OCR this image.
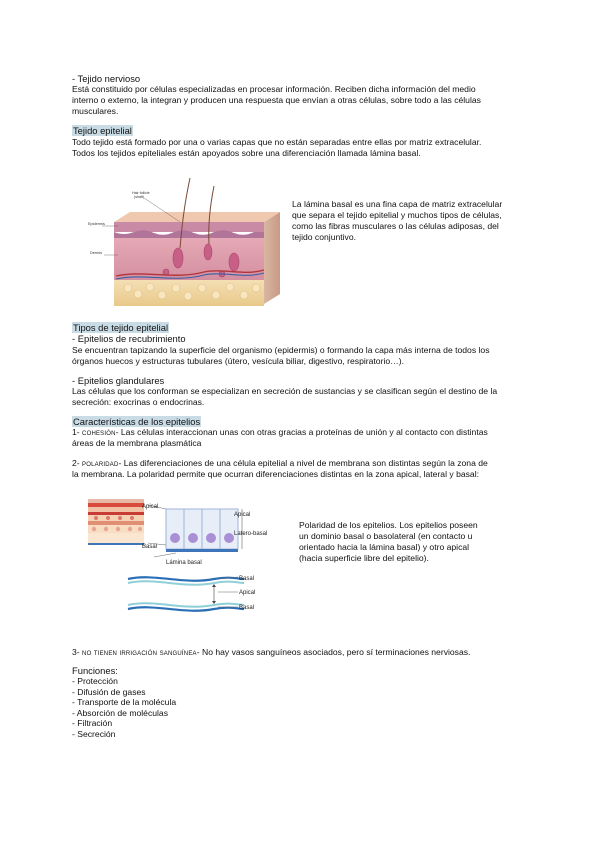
- Tejido nervioso

Está constituido por células especializadas en procesar información. Reciben dicha información del medio

interno o externo, la integran y producen una respuesta que envían a otras células, sobre todo a las células

musculares.

Tejido epitelial

Todo tejido está formado por una o varias capas que no están separadas entre ellas por matriz extracelular.

Todos los tejidos epiteliales están apoyados sobre una diferenciación llamada lámina basal.

Hair follicle
(shaft)
Epidermis
Dermis

La lámina basal es una fina capa de matriz extracelular

que separa el tejido epitelial y muchos tipos de células,

como las fibras musculares o las células adiposas, del

tejido conjuntivo.

Tipos de tejido epitelial

- Epitelios de recubrimiento

Se encuentran tapizando la superficie del organismo (epidermis) o formando la capa más interna de todos los

órganos huecos y estructuras tubulares (útero, vesícula biliar, digestivo, respiratorio…).

- Epitelios glandulares

Las células que los conforman se especializan en secreción de sustancias y se clasifican según el destino de la

secreción: exocrinas o endocrinas.

Características de los epitelios

1- cohesión- Las células interaccionan unas con otras gracias a proteínas de unión y al contacto con distintas

áreas de la membrana plasmática

2- polaridad- Las diferenciaciones de una célula epitelial a nivel de membrana son distintas según la zona de

la membrana. La polaridad permite que ocurran diferenciaciones distintas en la zona apical, lateral y basal:

Apical
Apical
Latero-basal
Basal
Lámina basal
Basal
Apical
Basal

Polaridad de los epitelios. Los epitelios poseen

un dominio basal o basolateral (en contacto u

orientado hacia la lámina basal) y otro apical

(hacia superficie libre del epitelio).

3- no tienen irrigación sanguínea- No hay vasos sanguíneos asociados, pero sí terminaciones nerviosas.

Funciones:

- Protección
- Difusión de gases
- Transporte de la molécula
- Absorción de moléculas
- Filtración
- Secreción
